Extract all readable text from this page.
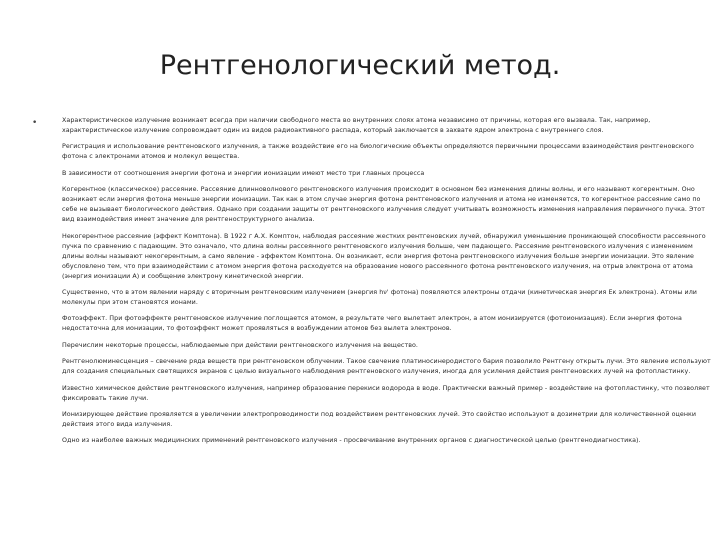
Рентгенологический метод.
•	Характеристическое излучение возникает всегда при наличии свободного места во внутренних слоях атома независимо от причины, которая его вызвала. Так, например, характеристическое излучение сопровождает один из видов радиоактивного распада, который заключается в захвате ядром электрона с внутреннего слоя.

Регистрация и использование рентгеновского излучения, а также воздействие его на биологические объекты определяются первичными процессами взаимодействия рентгеновского фотона с электронами атомов и молекул вещества.

В зависимости от соотношения энергии фотона и энергии ионизации имеют место три главных процесса

Когерентное (классическое) рассеяние. Рассеяние длинноволнового рентгеновского излучения происходит в основном без изменения длины волны, и его называют когерентным. Оно возникает если энергия фотона меньше энергии ионизации. Так как в этом случае энергия фотона рентгеновского излучения и атома не изменяется, то когерентное рассеяние само по себе не вызывает биологического действия. Однако при создании защиты от рентгеновского излучения следует учитывать возможность изменения направления первичного пучка. Этот вид взаимодействия имеет значение для рентгеноструктурного анализа.

Некогерентное рассеяние (эффект Комптона). В 1922 г А.Х. Комптон, наблюдая рассеяние жестких рентгеновских лучей, обнаружил уменьшение проникающей способности рассеянного пучка по сравнению с падающим. Это означало, что длина волны рассеянного рентгеновского излучения больше, чем падающего. Рассеяние рентгеновского излучения с изменением длины волны называют некогерентным, а само явление - эффектом Комптона. Он возникает, если энергия фотона рентгеновского излучения больше энергии ионизации. Это явление обусловлено тем, что при взаимодействии с атомом энергия фотона расходуется на образование нового рассеянного фотона рентгеновского излучения, на отрыв электрона от атома (энергия ионизации А) и сообщение электрону кинетической энергии.

Существенно, что в этом явлении наряду с вторичным рентгеновским излучением (энергия hν' фотона) появляются электроны отдачи (кинетическая энергия Ек электрона). Атомы или молекулы при этом становятся ионами.

Фотоэффект. При фотоэффекте рентгеновское излучение поглощается атомом, в результате чего вылетает электрон, а атом ионизируется (фотоионизация). Если энергия фотона недостаточна для ионизации, то фотоэффект может проявляться в возбуждении атомов без вылета электронов.

Перечислим некоторые процессы, наблюдаемые при действии рентгеновского излучения на вещество.

Рентгенолюминесценция – свечение ряда веществ при рентгеновском облучении. Такое свечение платиносинеродистого бария позволило Рентгену открыть лучи. Это явление используют для создания специальных светящихся экранов с целью визуального наблюдения рентгеновского излучения, иногда для усиления действия рентгеновских лучей на фотопластинку.

Известно химическое действие рентгеновского излучения, например образование перекиси водорода в воде. Практически важный пример - воздействие на фотопластинку, что позволяет фиксировать такие лучи.

Ионизирующее действие проявляется в увеличении электропроводимости под воздействием рентгеновских лучей. Это свойство используют в дозиметрии для количественной оценки действия этого вида излучения.

Одно из наиболее важных медицинских применений рентгеновского излучения - просвечивание внутренних органов с диагностической целью (рентгенодиагностика).
